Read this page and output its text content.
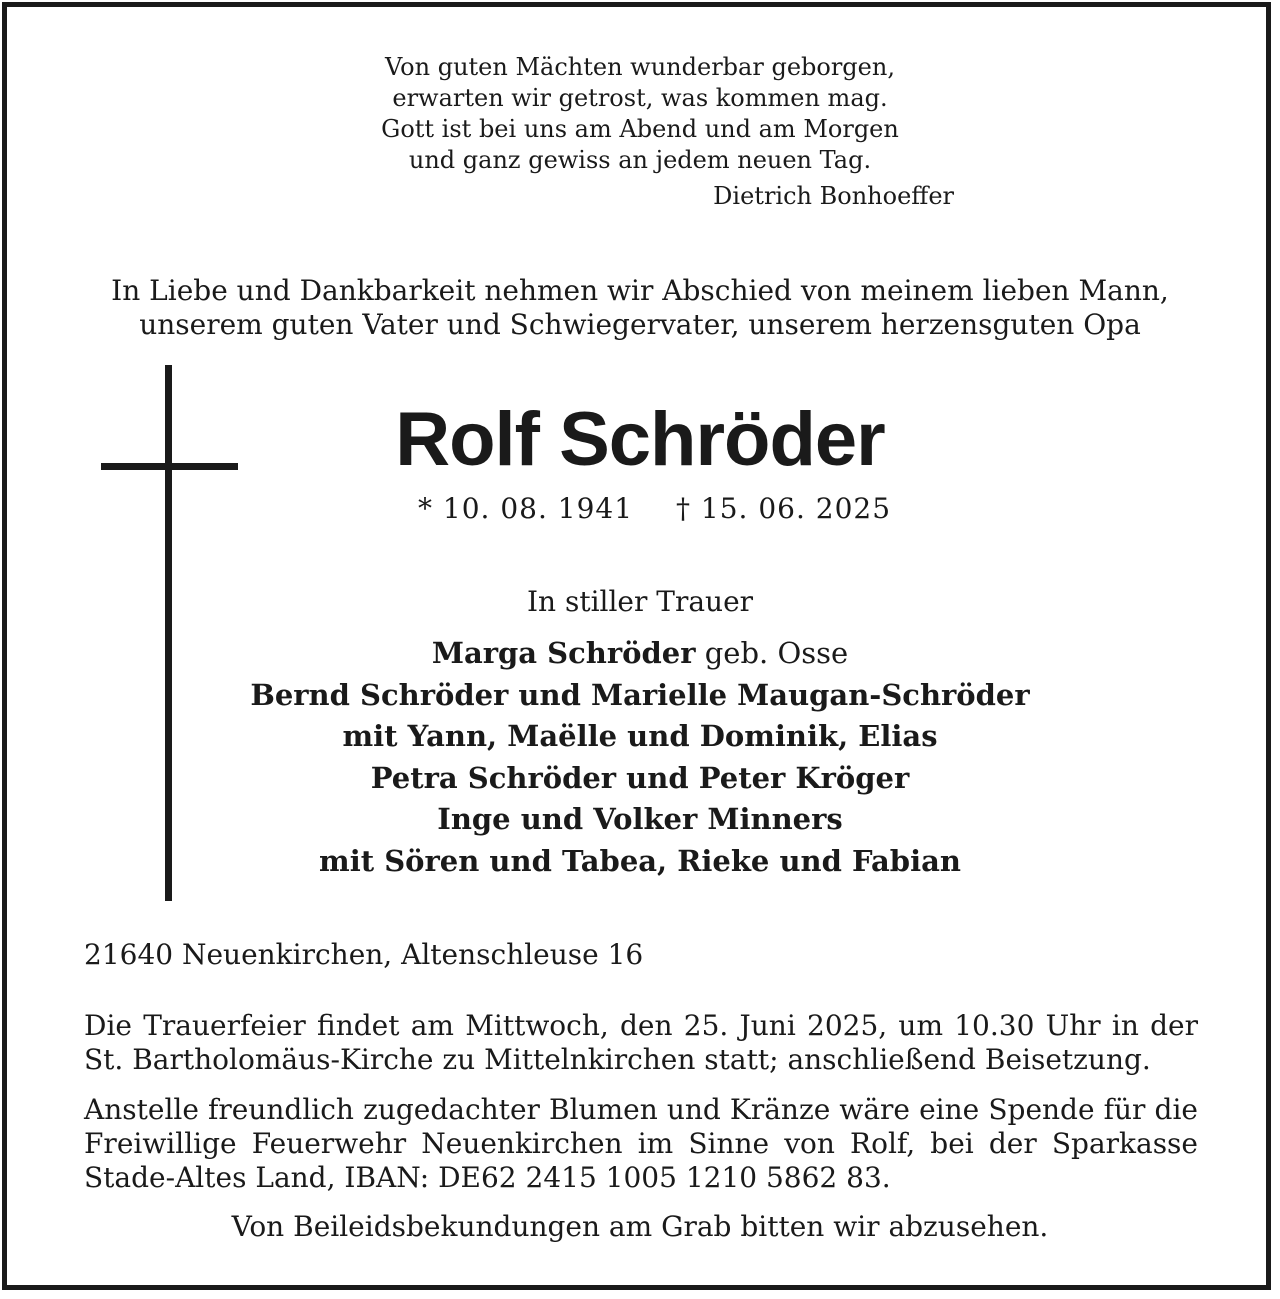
Von guten Mächten wunderbar geborgen,
erwarten wir getrost, was kommen mag.
Gott ist bei uns am Abend und am Morgen
und ganz gewiss an jedem neuen Tag.
Dietrich Bonhoeffer
In Liebe und Dankbarkeit nehmen wir Abschied von meinem lieben Mann,
unserem guten Vater und Schwiegervater, unserem herzensguten Opa
Rolf Schröder
* 10. 08. 1941 † 15. 06. 2025
In stiller Trauer
Marga Schröder geb. Osse
Bernd Schröder und Marielle Maugan-Schröder
mit Yann, Maëlle und Dominik, Elias
Petra Schröder und Peter Kröger
Inge und Volker Minners
mit Sören und Tabea, Rieke und Fabian
21640 Neuenkirchen, Altenschleuse 16
Die Trauerfeier findet am Mittwoch, den 25. Juni 2025, um 10.30 Uhr in der St. Bartholomäus-Kirche zu Mittelnkirchen statt; anschließend Beisetzung.
Anstelle freundlich zugedachter Blumen und Kränze wäre eine Spende für die Freiwillige Feuerwehr Neuenkirchen im Sinne von Rolf, bei der Sparkasse Stade-Altes Land, IBAN: DE62 2415 1005 1210 5862 83.
Von Beileidsbekundungen am Grab bitten wir abzusehen.
